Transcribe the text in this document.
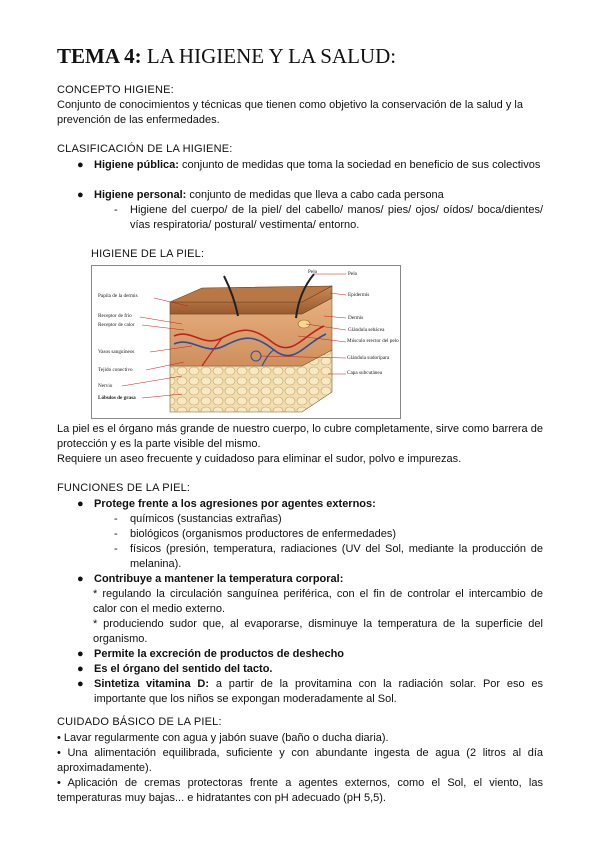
TEMA 4: LA HIGIENE Y LA SALUD:
CONCEPTO HIGIENE:
Conjunto de conocimientos y técnicas que tienen como objetivo la conservación de la salud y la
prevención de las enfermedades.
CLASIFICACIÓN DE LA HIGIENE:
● Higiene pública: conjunto de medidas que toma la sociedad en beneficio de sus colectivos
● Higiene personal: conjunto de medidas que lleva a cabo cada persona
- Higiene del cuerpo/ de la piel/ del cabello/ manos/ pies/ ojos/ oídos/ boca/dientes/ vías respiratoria/ postural/ vestimenta/ entorno.
HIGIENE DE LA PIEL:
Papila de la dermis
Receptor de frío
Receptor de calor
Vasos sanguíneos
Tejido conectivo
Nervio
Lóbulos de grasa
Pelo	Pelo
Epidermis
Dermis
Glándula sebácea
Músculo erector del pelo
Glándula sudorípara
Capa subcutánea
La piel es el órgano más grande de nuestro cuerpo, lo cubre completamente, sirve como barrera de protección y es la parte visible del mismo.
Requiere un aseo frecuente y cuidadoso para eliminar el sudor, polvo e impurezas.
FUNCIONES DE LA PIEL:
● Protege frente a los agresiones por agentes externos:
- químicos (sustancias extrañas)
- biológicos (organismos productores de enfermedades)
- físicos (presión, temperatura, radiaciones (UV del Sol, mediante la producción de melanina).
● Contribuye a mantener la temperatura corporal:
* regulando la circulación sanguínea periférica, con el fin de controlar el intercambio de calor con el medio externo.
* produciendo sudor que, al evaporarse, disminuye la temperatura de la superficie del organismo.
● Permite la excreción de productos de deshecho
● Es el órgano del sentido del tacto.
● Sintetiza vitamina D: a partir de la provitamina con la radiación solar. Por eso es importante que los niños se expongan moderadamente al Sol.
CUIDADO BÁSICO DE LA PIEL:
• Lavar regularmente con agua y jabón suave (baño o ducha diaria).
• Una alimentación equilibrada, suficiente y con abundante ingesta de agua (2 litros al día aproximadamente).
• Aplicación de cremas protectoras frente a agentes externos, como el Sol, el viento, las temperaturas muy bajas... e hidratantes con pH adecuado (pH 5,5).
